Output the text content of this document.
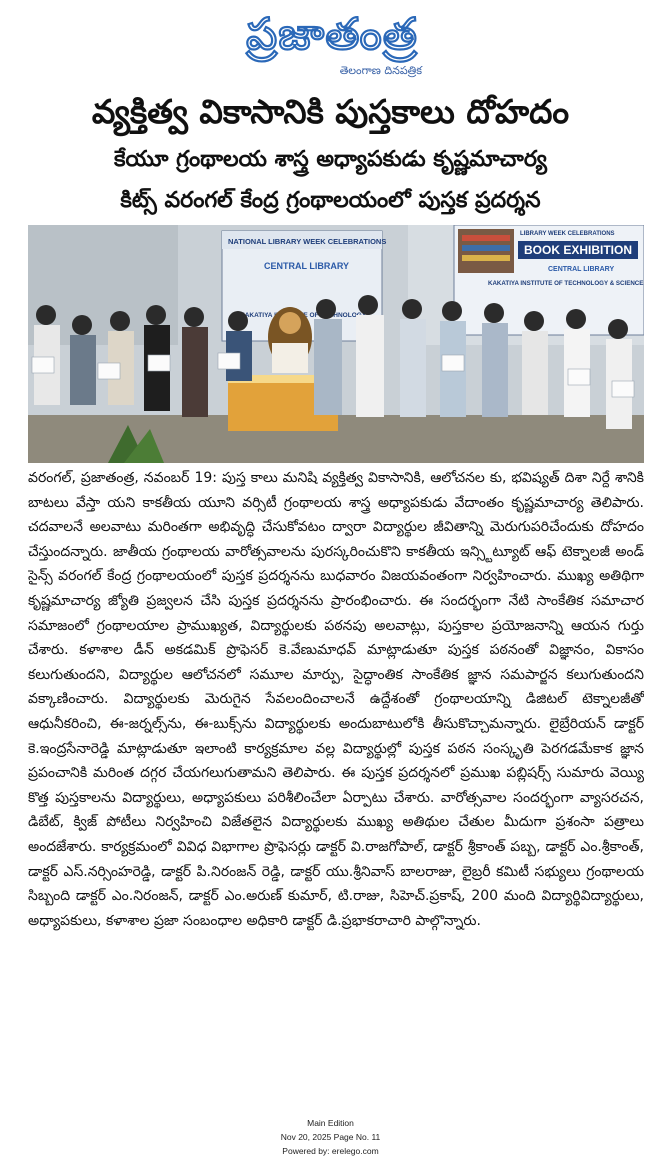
ప్రజాతంత్ర
తెలంగాణ దినపత్రిక
వ్యక్తిత్వ వికాసానికి పుస్తకాలు దోహదం
కేయూ గ్రంథాలయ శాస్త్ర అధ్యాపకుడు కృష్ణమాచార్య
కిట్స్ వరంగల్ కేంద్ర గ్రంథాలయంలో పుస్తక ప్రదర్శన
NATIONAL LIBRARY WEEK CELEBRATIONS
CENTRAL LIBRARY
KAKATIYA OF TECHNOLOGY
LIBRARY WEEK CELEBRATIONS
BOOK EXHIBITION
CENTRAL LIBRARY
KAKATIYA INSTITUTE OF TECHNOLOGY & SCIENCE

వరంగల్, ప్రజాతంత్ర, నవంబర్ 19: పుస్త కాలు మనిషి వ్యక్తిత్వ వికాసానికి, ఆలోచనల కు, భవిష్యత్ దిశా నిర్దే శానికి బాటలు వేస్తా యని కాకతీయ యూని వర్సిటీ గ్రంథాలయ శాస్త్ర అధ్యాపకుడు వేదాంతం కృష్ణమాచార్య తెలిపారు. చదవాలనే అలవాటు మరింతగా అభివృద్ధి చేసుకోవటం ద్వారా విద్యార్థుల జీవితాన్ని మెరుగుపరిచేందుకు దోహదం చేస్తుందన్నారు. జాతీయ గ్రంథాలయ వారోత్సవాలను పురస్కరించుకొని కాకతీయ ఇన్స్టిట్యూట్ ఆఫ్ టెక్నాలజీ అండ్ సైన్స్ వరంగల్ కేంద్ర గ్రంథాలయంలో పుస్తక ప్రదర్శనను బుధవారం విజయవంతంగా నిర్వహించారు. ముఖ్య అతిథిగా కృష్ణమాచార్య జ్యోతి ప్రజ్వలన చేసి పుస్తక ప్రదర్శనను ప్రారంభించారు. ఈ సందర్భంగా నేటి సాంకేతిక సమాచార సమాజంలో గ్రంథాలయాల ప్రాముఖ్యత, విద్యార్థులకు పఠనపు అలవాట్లు, పుస్తకాల ప్రయోజనాన్ని ఆయన గుర్తు చేశారు. కళాశాల డీన్ అకడమిక్ ప్రొఫెసర్ కె.వేణుమాధవ్ మాట్లాడుతూ పుస్తక పఠనంతో విజ్ఞానం, వికాసం కలుగుతుందని, విద్యార్థుల ఆలోచనలో సమూల మార్పు, సైద్ధాంతిక సాంకేతిక జ్ఞాన సమపార్జన కలుగుతుందని వక్కాణించారు. విద్యార్థులకు మెరుగైన సేవలందించాలనే ఉద్దేశంతో గ్రంథాలయాన్ని డిజిటల్ టెక్నాలజీతో ఆధునీకరించి, ఈ-జర్నల్స్‌ను, ఈ-బుక్స్‌ను విద్యార్థులకు అందుబాటులోకి తీసుకొచ్చామన్నారు. లైబ్రేరియన్ డాక్టర్ కె.ఇంద్రసేనారెడ్డి మాట్లాడుతూ ఇలాంటి కార్యక్రమాల వల్ల విద్యార్థుల్లో పుస్తక పఠన సంస్కృతి పెరగడమేకాక జ్ఞాన ప్రపంచానికి మరింత దగ్గర చేయగలుగుతామని తెలిపారు. ఈ పుస్తక ప్రదర్శనలో ప్రముఖ పబ్లిషర్స్ సుమారు వెయ్యి కొత్త పుస్తకాలను విద్యార్థులు, అధ్యాపకులు పరిశీలించేలా ఏర్పాటు చేశారు. వారోత్సవాల సందర్భంగా వ్యాసరచన, డిబేట్, క్విజ్ పోటీలు నిర్వహించి విజేతలైన విద్యార్థులకు ముఖ్య అతిథుల చేతుల మీదుగా ప్రశంసా పత్రాలు అందజేశారు. కార్యక్రమంలో వివిధ విభాగాల ప్రొఫెసర్లు డాక్టర్ వి.రాజగోపాల్, డాక్టర్ శ్రీకాంత్ పబ్బ, డాక్టర్ ఎం.శ్రీకాంత్, డాక్టర్ ఎస్.నర్సింహరెడ్డి, డాక్టర్ పి.నిరంజన్ రెడ్డి, డాక్టర్ యు.శ్రీనివాస్ బాలరాజు, లైబ్రరీ కమిటీ సభ్యులు గ్రంథాలయ సిబ్బంది డాక్టర్ ఎం.నిరంజన్, డాక్టర్ ఎం.అరుణ్ కుమార్, టి.రాజు, సిహెచ్.ప్రకాష్, 200 మంది విద్యార్థివిద్యార్థులు, అధ్యాపకులు, కళాశాల ప్రజా సంబంధాల అధికారి డాక్టర్ డి.ప్రభాకరాచారి పాల్గొన్నారు.

Main Edition
Nov 20, 2025 Page No. 11
Powered by: erelego.com
